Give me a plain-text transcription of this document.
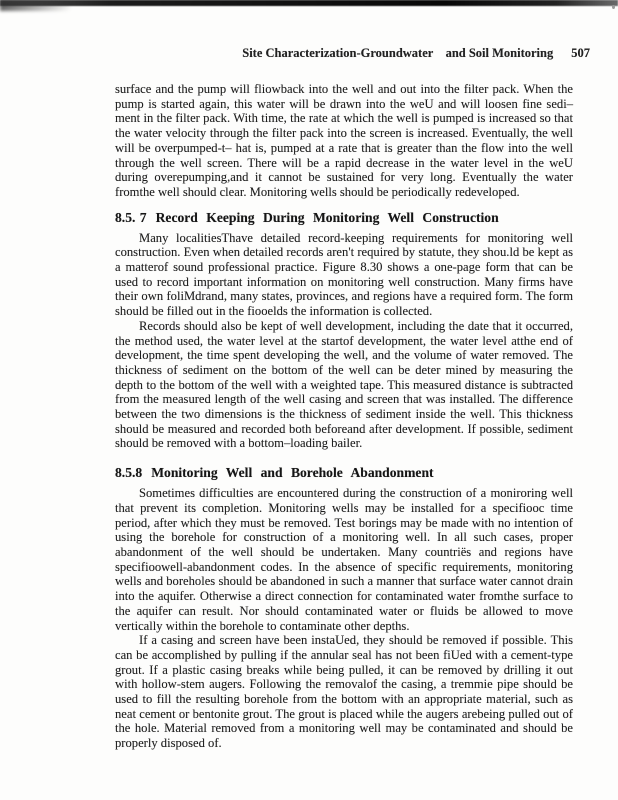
Site Characterization-Groundwater    and Soil Monitoring 507

surface and the pump will fliowback into the well and out into the filter pack. When the pump is started again, this water will be drawn into the weU and will loosen fine sedi– ment in the filter pack. With time, the rate at which the well is pumped is increased so that the water velocity through the filter pack into the screen is increased. Eventually, the well will be overpumped-t– hat is, pumped at a rate that is greater than the flow into the well through the well screen. There will be a rapid decrease in the water level in the weU during overepumping,and it cannot be sustained for very long. Eventually the water fromthe well should clear. Monitoring wells should be periodically redeveloped.

8.5. 7 Record Keeping During Monitoring Well Construction

Many localitiesThave detailed record-keeping requirements for monitoring well construction. Even when detailed records aren't required by statute, they shou.ld be kept as a matterof sound professional practice. Figure 8.30 shows a one-page form that can be used to record important information on monitoring well construction. Many firms have their own foliMdrand, many states, provinces, and regions have a required form. The form should be filled out in the fiooelds the information is collected.

Records should also be kept of well development, including the date that it occurred, the method used, the water level at the startof development, the water level atthe end of development, the time spent developing the well, and the volume of water removed. The thickness of sediment on the bottom of the well can be deter mined by measuring the depth to the bottom of the well with a weighted tape. This measured distance is subtracted from the measured length of the well casing and screen that was installed. The difference between the two dimensions is the thickness of sediment inside the well. This thickness should be measured and recorded both beforeand after development. If possible, sediment should be removed with a bottom–loading bailer.

8.5.8 Monitoring Well and Borehole Abandonment

Sometimes difficulties are encountered during the construction of a moniroring well that prevent its completion. Monitoring wells may be installed for a specifiooc time period, after which they must be removed. Test borings may be made with no intention of using the borehole for construction of a monitoring well. In all such cases, proper abandonment of the well should be undertaken. Many countriës and regions have specifioowell-abandonment codes. In the absence of specific requirements, monitoring wells and boreholes should be abandoned in such a manner that surface water cannot drain into the aquifer. Otherwise a direct connection for contaminated water fromthe surface to the aquifer can result. Nor should contaminated water or fluids be allowed to move vertically within the borehole to contaminate other depths.

If a casing and screen have been instaUed, they should be removed if possible. This can be accomplished by pulling if the annular seal has not been fiUed with a cement-type grout. If a plastic casing breaks while being pulled, it can be removed by drilling it out with hollow-stem augers. Following the removalof the casing, a tremmie pipe should be used to fill the resulting borehole from the bottom with an appropriate material, such as neat cement or bentonite grout. The grout is placed while the augers arebeing pulled out of the hole. Material removed from a monitoring well may be contaminated and should be properly disposed of.
